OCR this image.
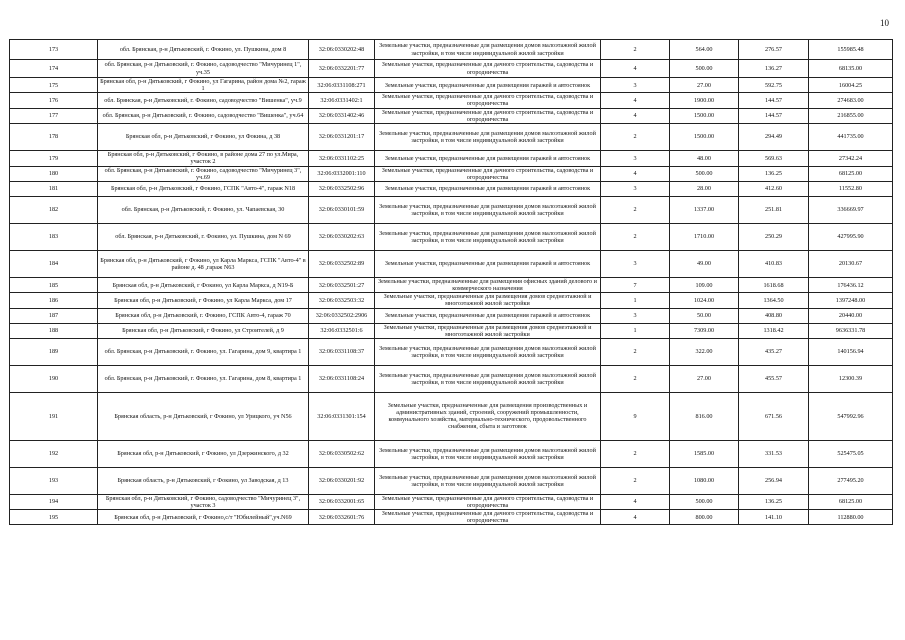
10
173	обл. Брянская, р-н Дятьковский, г. Фокино, ул. Пушкина, дом 8	32:06:0330202:48	Земельные участки, предназначенные для размещения домов малоэтажной жилой застройки, в том числе индивидуальной жилой застройки	2	564.00	276.57	155985.48
174	обл. Брянская, р-н Дятьковский, г. Фокино, садоводчество "Мичуринец 1", уч.35	32:06:0332201:77	Земельные участки, предназначенные для дачного строительства, садоводства и огородничества	4	500.00	136.27	68135.00
175	Брянская обл, р-н Дятьковский, г Фокино, ул Гагарина, район дома №2, гараж 1	32:06:0331108:271	Земельные участки, предназначенные для размещения гаражей и автостоянок	3	27.00	592.75	16004.25
176	обл. Брянская, р-н Дятьковский, г. Фокино, садоводчество "Вишенка", уч.9	32:06:0331402:1	Земельные участки, предназначенные для дачного строительства, садоводства и огородничества	4	1900.00	144.57	274683.00
177	обл. Брянская, р-н Дятьковский, г. Фокино, садоводчество "Вишенка", уч.64	32:06:0331402:46	Земельные участки, предназначенные для дачного строительства, садоводства и огородничества	4	1500.00	144.57	216855.00
178	Брянская обл, р-н Дятьковский, г Фокино, ул Фокина, д 38	32:06:0331201:17	Земельные участки, предназначенные для размещения домов малоэтажной жилой застройки, в том числе индивидуальной жилой застройки	2	1500.00	294.49	441735.00
179	Брянская обл, р-н Дятьковский, г Фокино, в районе дома 27 по ул.Мира, участок 2	32:06:0331102:25	Земельные участки, предназначенные для размещения гаражей и автостоянок	3	48.00	569.63	27342.24
180	обл. Брянская, р-н Дятьковский, г. Фокино, садоводчество "Мичуринец 3", уч.69	32:06:0332001:110	Земельные участки, предназначенные для дачного строительства, садоводства и огородничества	4	500.00	136.25	68125.00
181	Брянская обл, р-н Дятьковский, г Фокино, ГСПК "Авто-4", гараж N18	32:06:0332502:96	Земельные участки, предназначенные для размещения гаражей и автостоянок	3	28.00	412.60	11552.80
182	обл. Брянская, р-н Дятьковский, г. Фокино, ул. Чапаевская, 30	32:06:0330101:59	Земельные участки, предназначенные для размещения домов малоэтажной жилой застройки, в том числе индивидуальной жилой застройки	2	1337.00	251.81	336669.97
183	обл. Брянская, р-н Дятьковский, г. Фокино, ул. Пушкина, дом N 69	32:06:0330202:63	Земельные участки, предназначенные для размещения домов малоэтажной жилой застройки, в том числе индивидуальной жилой застройки	2	1710.00	250.29	427995.90
184	Брянская обл, р-н Дятьковский, г Фокино, ул Карла Маркса, ГСПК "Авто-4" в районе д. 48 ,гараж N63	32:06:0332502:89	Земельные участки, предназначенные для размещения гаражей и автостоянок	3	49.00	410.83	20130.67
185	Брянская обл, р-н Дятьковский, г Фокино, ул Карла Маркса, д N19-Б	32:06:0332501:27	Земельные участки, предназначенные для размещения офисных зданий делового и коммерческого назначения	7	109.00	1618.68	176436.12
186	Брянская обл, р-н Дятьковский, г Фокино, ул Карла Маркса, дом 17	32:06:0332503:32	Земельные участки, предназначенные для размещения домов среднеэтажной и многоэтажной жилой застройки	1	1024.00	1364.50	1397248.00
187	Брянская обл, р-н Дятьковский, г. Фокино, ГСПК Авто-4, гараж 70	32:06:0332502:2906	Земельные участки, предназначенные для размещения гаражей и автостоянок	3	50.00	408.80	20440.00
188	Брянская обл, р-н Дятьковский, г Фокино, ул Строителей, д 9	32:06:0332501:6	Земельные участки, предназначенные для размещения домов среднеэтажной и многоэтажной жилой застройки	1	7309.00	1318.42	9636331.78
189	обл. Брянская, р-н Дятьковский, г. Фокино, ул. Гагарина, дом 9, квартира 1	32:06:0331108:37	Земельные участки, предназначенные для размещения домов малоэтажной жилой застройки, в том числе индивидуальной жилой застройки	2	322.00	435.27	140156.94
190	обл. Брянская, р-н Дятьковский, г. Фокино, ул. Гагарина, дом 8, квартира 1	32:06:0331108:24	Земельные участки, предназначенные для размещения домов малоэтажной жилой застройки, в том числе индивидуальной жилой застройки	2	27.00	455.57	12300.39
191	Брянская область, р-н Дятьковский, г Фокино, ул Урицкого, уч N56	32:06:0331301:154	Земельные участки, предназначенные для размещения производственных и административных зданий, строений, сооружений промышленности, коммунального хозяйства, материально-технического, продовольственного снабжения, сбыта и заготовок	9	816.00	671.56	547992.96
192	Брянская обл, р-н Дятьковский, г Фокино, ул Дзержинского, д 32	32:06:0330502:62	Земельные участки, предназначенные для размещения домов малоэтажной жилой застройки, в том числе индивидуальной жилой застройки	2	1585.00	331.53	525475.05
193	Брянская область, р-н Дятьковский, г Фокино, ул Заводская, д 13	32:06:0330201:92	Земельные участки, предназначенные для размещения домов малоэтажной жилой застройки, в том числе индивидуальной жилой застройки	2	1080.00	256.94	277495.20
194	Брянская обл, р-н Дятьковский, г Фокино, садоводчество "Мичуринец 3", участок 3	32:06:0332001:65	Земельные участки, предназначенные для дачного строительства, садоводства и огородничества	4	500.00	136.25	68125.00
195	Брянская обл, р-н Дятьковский, г Фокино,с/т "Юбилейный",уч.N69	32:06:0332601:76	Земельные участки, предназначенные для дачного строительства, садоводства и огородничества	4	800.00	141.10	112880.00
